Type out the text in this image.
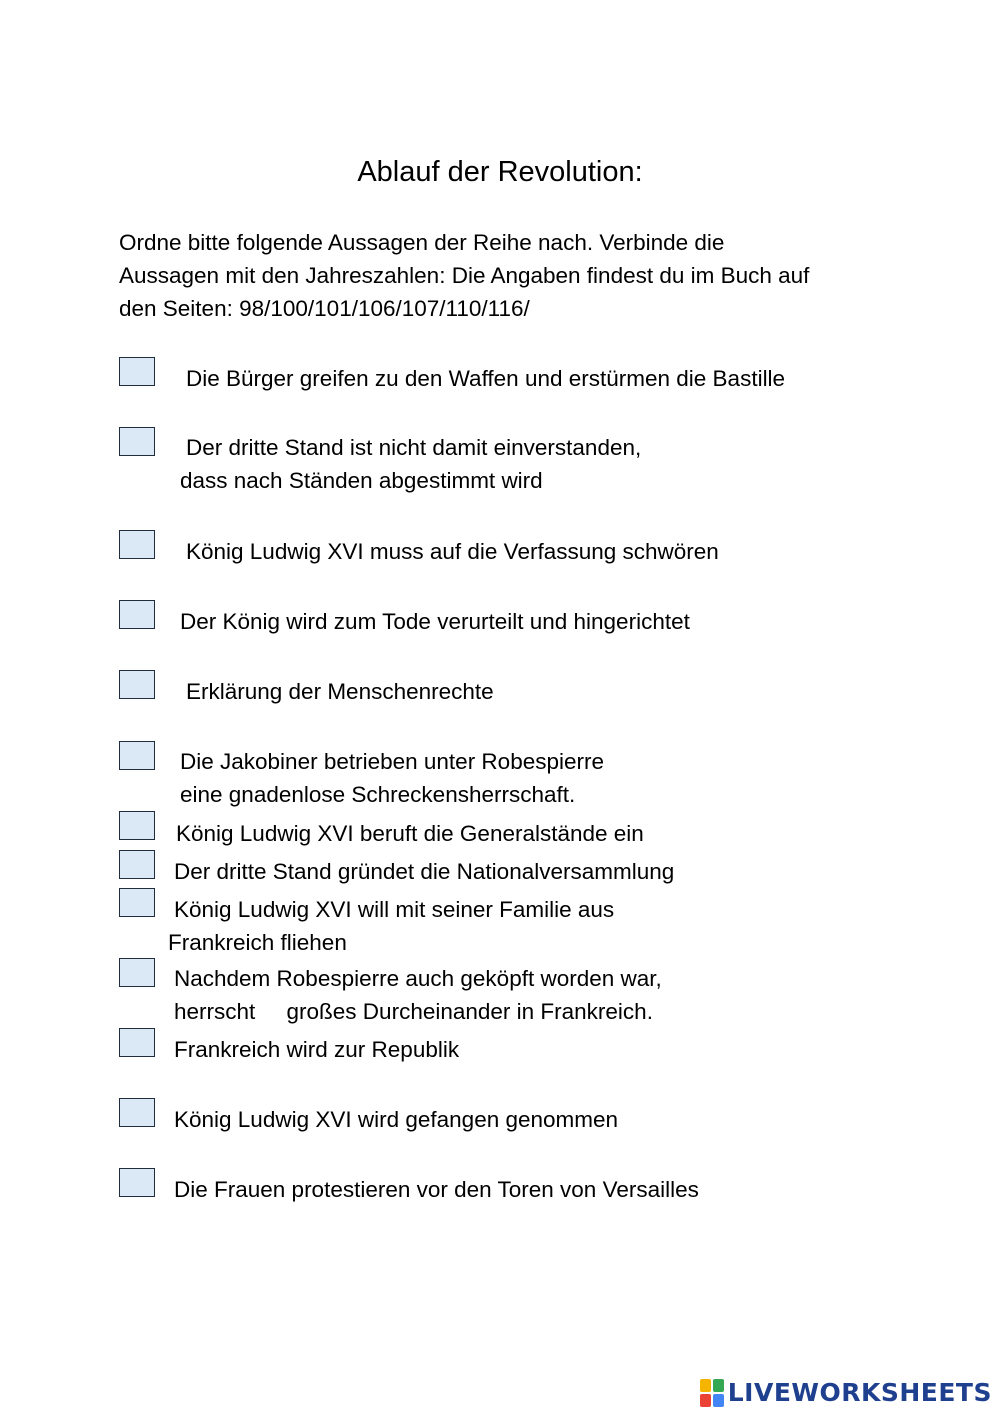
Ablauf der Revolution:
Ordne bitte folgende Aussagen der Reihe nach. Verbinde die
Aussagen mit den Jahreszahlen: Die Angaben findest du im Buch auf
den Seiten: 98/100/101/106/107/110/116/
Die Bürger greifen zu den Waffen und erstürmen die Bastille
Der dritte Stand ist nicht damit einverstanden,
dass nach Ständen abgestimmt wird
König Ludwig XVI muss auf die Verfassung schwören
Der König wird zum Tode verurteilt und hingerichtet
Erklärung der Menschenrechte
Die Jakobiner betrieben unter Robespierre
eine gnadenlose Schreckensherrschaft.
König Ludwig XVI beruft die Generalstände ein
Der dritte Stand gründet die Nationalversammlung
König Ludwig XVI will mit seiner Familie aus
Frankreich fliehen
Nachdem Robespierre auch geköpft worden war,
herrscht     großes Durcheinander in Frankreich.
Frankreich wird zur Republik
König Ludwig XVI wird gefangen genommen
Die Frauen protestieren vor den Toren von Versailles
LIVEWORKSHEETS
